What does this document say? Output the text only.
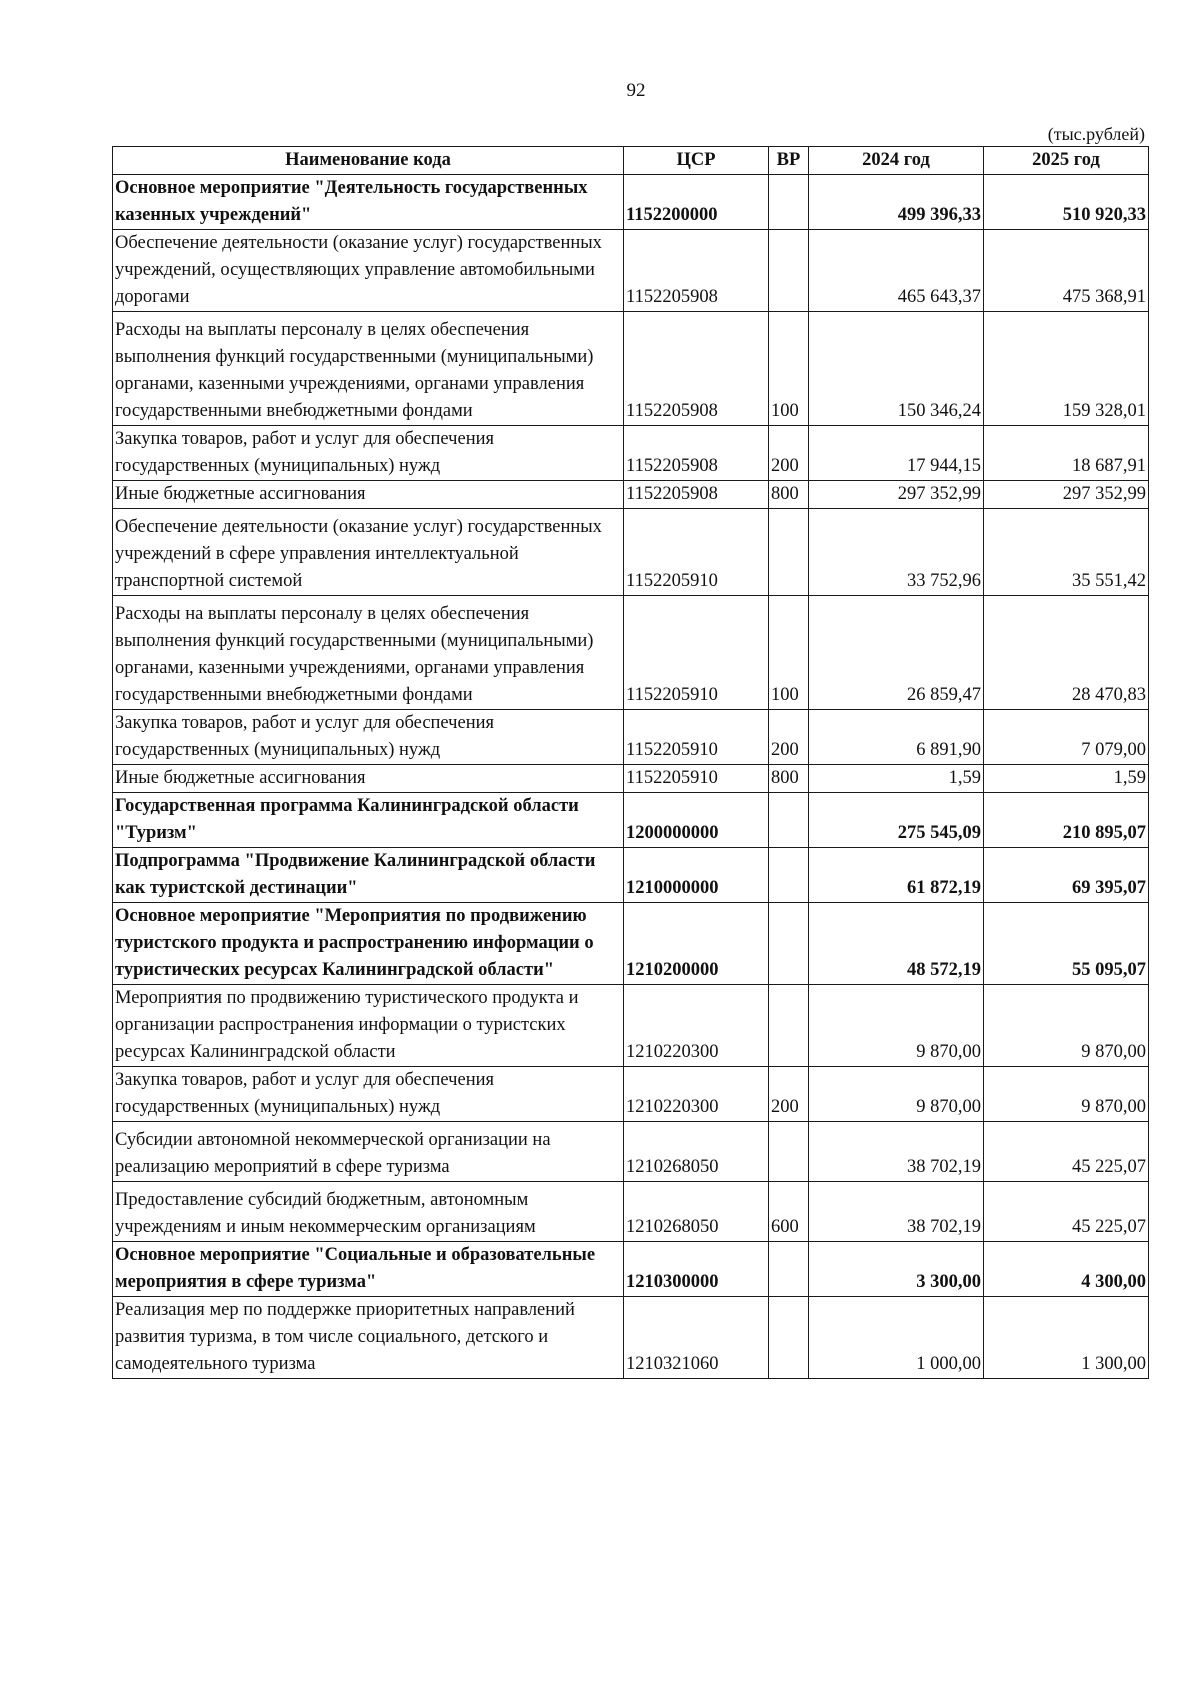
92
(тыс.рублей)
Наименование кода	ЦСР	ВР	2024 год	2025 год
Основное мероприятие "Деятельность государственных казенных учреждений"	1152200000		499 396,33	510 920,33
Обеспечение деятельности (оказание услуг) государственных учреждений, осуществляющих управление автомобильными дорогами	1152205908		465 643,37	475 368,91
Расходы на выплаты персоналу в целях обеспечения выполнения функций государственными (муниципальными) органами, казенными учреждениями, органами управления государственными внебюджетными фондами	1152205908	100	150 346,24	159 328,01
Закупка товаров, работ и услуг для обеспечения государственных (муниципальных) нужд	1152205908	200	17 944,15	18 687,91
Иные бюджетные ассигнования	1152205908	800	297 352,99	297 352,99
Обеспечение деятельности (оказание услуг) государственных учреждений в сфере управления интеллектуальной транспортной системой	1152205910		33 752,96	35 551,42
Расходы на выплаты персоналу в целях обеспечения выполнения функций государственными (муниципальными) органами, казенными учреждениями, органами управления государственными внебюджетными фондами	1152205910	100	26 859,47	28 470,83
Закупка товаров, работ и услуг для обеспечения государственных (муниципальных) нужд	1152205910	200	6 891,90	7 079,00
Иные бюджетные ассигнования	1152205910	800	1,59	1,59
Государственная программа Калининградской области "Туризм"	1200000000		275 545,09	210 895,07
Подпрограмма "Продвижение Калининградской области как туристской дестинации"	1210000000		61 872,19	69 395,07
Основное мероприятие "Мероприятия по продвижению туристского продукта и распространению информации о туристических ресурсах Калининградской области"	1210200000		48 572,19	55 095,07
Мероприятия по продвижению туристического продукта и организации распространения информации о туристских ресурсах Калининградской области	1210220300		9 870,00	9 870,00
Закупка товаров, работ и услуг для обеспечения государственных (муниципальных) нужд	1210220300	200	9 870,00	9 870,00
Субсидии автономной некоммерческой организации на реализацию мероприятий в сфере туризма	1210268050		38 702,19	45 225,07
Предоставление субсидий бюджетным, автономным учреждениям и иным некоммерческим организациям	1210268050	600	38 702,19	45 225,07
Основное мероприятие "Социальные и образовательные мероприятия в сфере туризма"	1210300000		3 300,00	4 300,00
Реализация мер по поддержке приоритетных направлений развития туризма, в том числе социального, детского и самодеятельного туризма	1210321060		1 000,00	1 300,00
